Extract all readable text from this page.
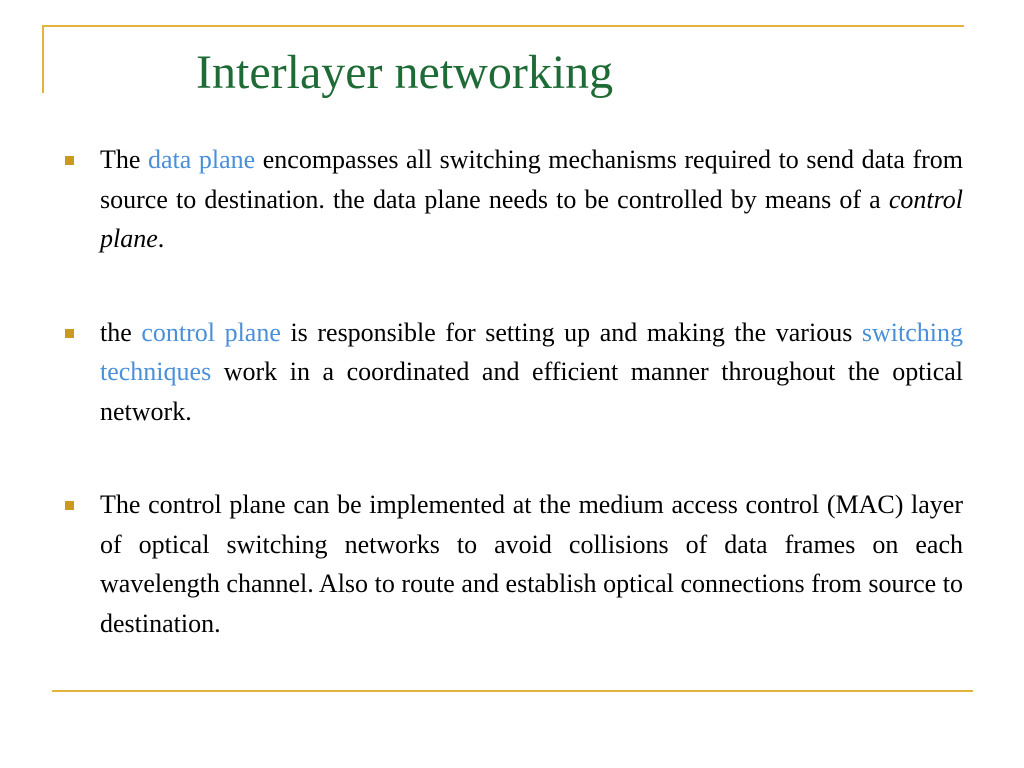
Interlayer networking

The data plane encompasses all switching mechanisms required to send data from source to destination. the data plane needs to be controlled by means of a control plane.

the control plane is responsible for setting up and making the various switching techniques work in a coordinated and efficient manner throughout the optical network.

The control plane can be implemented at the medium access control (MAC) layer of optical switching networks to avoid collisions of data frames on each wavelength channel. Also to route and establish optical connections from source to destination.
